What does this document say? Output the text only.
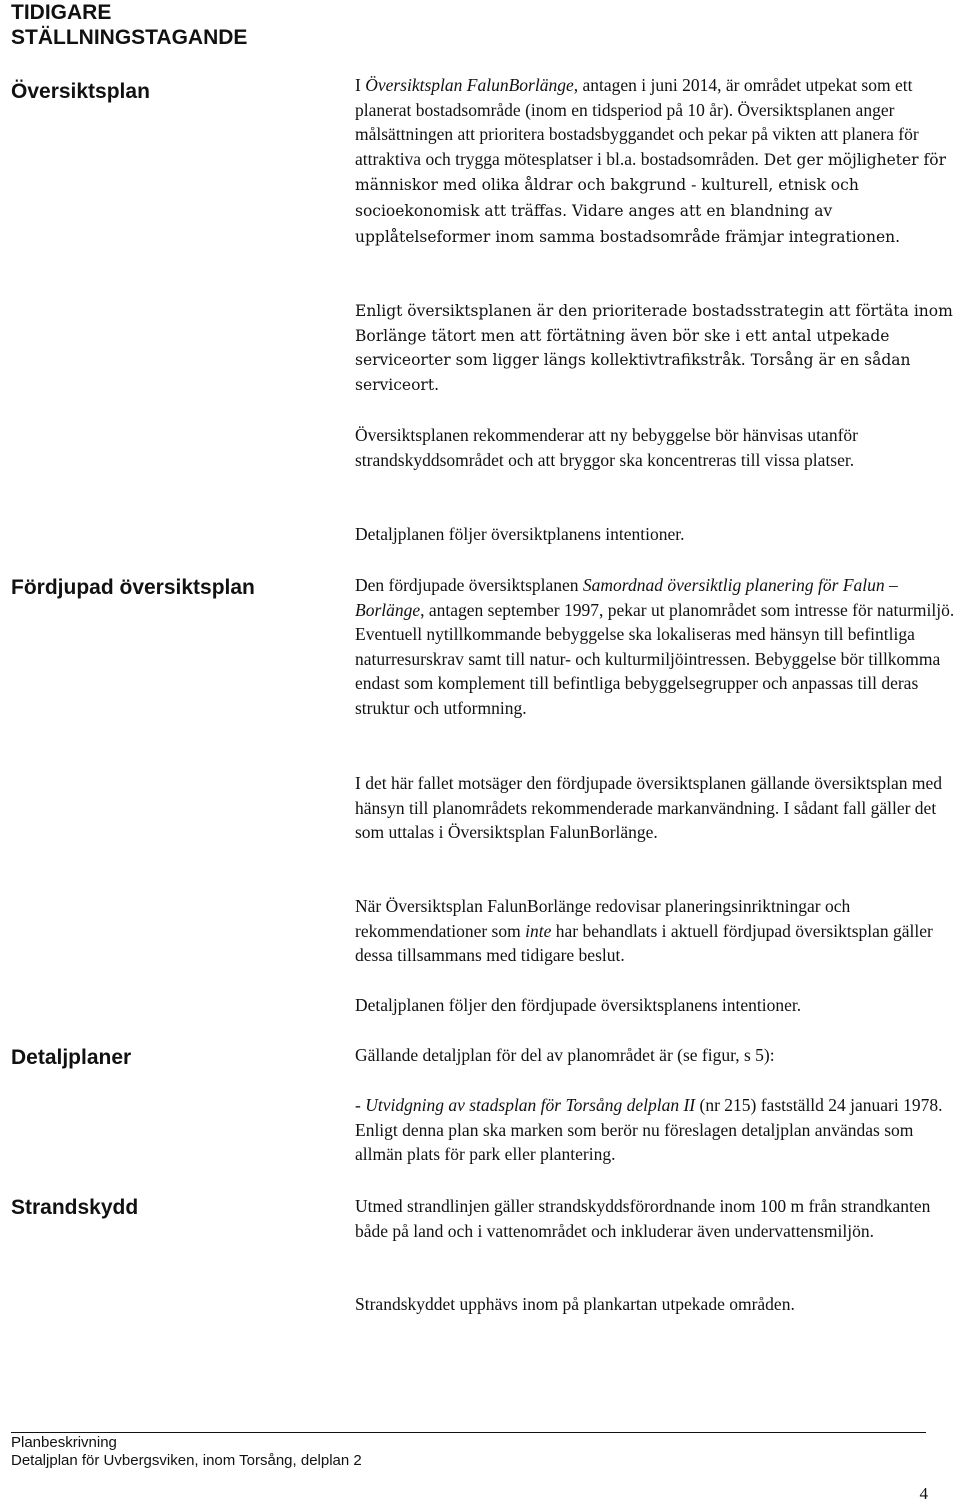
TIDIGARE
STÄLLNINGSTAGANDE
Översiktsplan	I Översiktsplan FalunBorlänge, antagen i juni 2014, är området utpekat som ett planerat bostadsområde (inom en tidsperiod på 10 år). Översiktsplanen anger målsättningen att prioritera bostadsbyggandet och pekar på vikten att planera för attraktiva och trygga mötesplatser i bl.a. bostadsområden. Det ger möjligheter för människor med olika åldrar och bakgrund - kulturell, etnisk och socioekonomisk att träffas. Vidare anges att en blandning av upplåtelseformer inom samma bostadsområde främjar integrationen.

Enligt översiktsplanen är den prioriterade bostadsstrategin att förtäta inom Borlänge tätort men att förtätning även bör ske i ett antal utpekade serviceorter som ligger längs kollektivtrafikstråk. Torsång är en sådan serviceort.

Översiktsplanen rekommenderar att ny bebyggelse bör hänvisas utanför strandskyddsområdet och att bryggor ska koncentreras till vissa platser.

Detaljplanen följer översiktplanens intentioner.

Fördjupad översiktsplan	Den fördjupade översiktsplanen Samordnad översiktlig planering för Falun – Borlänge, antagen september 1997, pekar ut planområdet som intresse för naturmiljö. Eventuell nytillkommande bebyggelse ska lokaliseras med hänsyn till befintliga naturresurskrav samt till natur- och kulturmiljöintressen. Bebyggelse bör tillkomma endast som komplement till befintliga bebyggelsegrupper och anpassas till deras struktur och utformning.

I det här fallet motsäger den fördjupade översiktsplanen gällande översiktsplan med hänsyn till planområdets rekommenderade markanvändning. I sådant fall gäller det som uttalas i Översiktsplan FalunBorlänge.

När Översiktsplan FalunBorlänge redovisar planeringsinriktningar och rekommendationer som inte har behandlats i aktuell fördjupad översiktsplan gäller dessa tillsammans med tidigare beslut.

Detaljplanen följer den fördjupade översiktsplanens intentioner.

Detaljplaner	Gällande detaljplan för del av planområdet är (se figur, s 5):

- Utvidgning av stadsplan för Torsång delplan II (nr 215) fastställd 24 januari 1978. Enligt denna plan ska marken som berör nu föreslagen detaljplan användas som allmän plats för park eller plantering.

Strandskydd	Utmed strandlinjen gäller strandskyddsförordnande inom 100 m från strandkanten både på land och i vattenområdet och inkluderar även undervattensmiljön.

Strandskyddet upphävs inom på plankartan utpekade områden.

Planbeskrivning

Detaljplan för Uvbergsviken, inom Torsång, delplan 2

4
